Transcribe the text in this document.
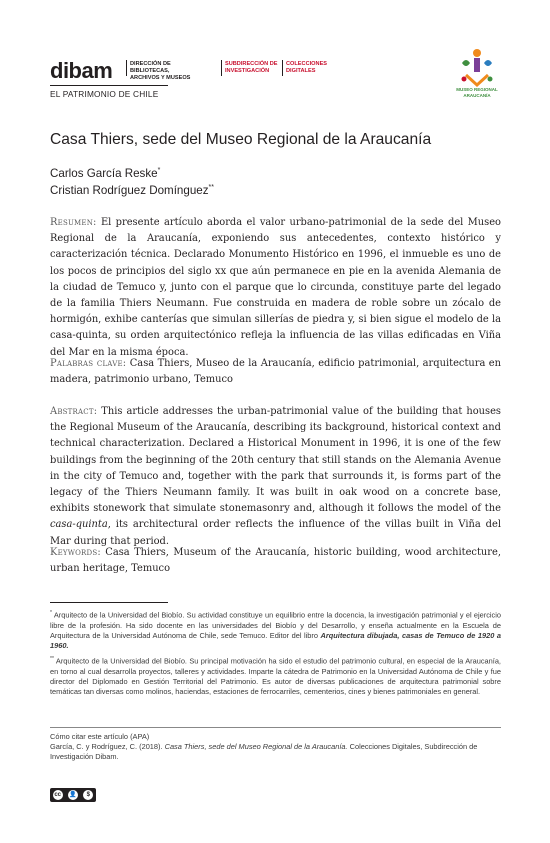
dibam	DIRECCIÓN DE BIBLIOTECAS, ARCHIVOS Y MUSEOS
SUBDIRECCIÓN DE INVESTIGACIÓN
COLECCIONES DIGITALES
EL PATRIMONIO DE CHILE	MUSEO REGIONAL ARAUCANÍA
Casa Thiers, sede del Museo Regional de la Araucanía
Carlos García Reske*
Cristian Rodríguez Domínguez**
Resumen: El presente artículo aborda el valor urbano-patrimonial de la sede del Museo Regional de la Araucanía, exponiendo sus antecedentes, contexto histórico y caracterización técnica. Declarado Monumento Histórico en 1996, el inmueble es uno de los pocos de principios del siglo xx que aún permanece en pie en la avenida Alemania de la ciudad de Temuco y, junto con el parque que lo circunda, constituye parte del legado de la familia Thiers Neumann. Fue construida en madera de roble sobre un zócalo de hormigón, exhibe canterías que simulan sillerías de piedra y, si bien sigue el modelo de la casa-quinta, su orden arquitectónico refleja la influencia de las villas edificadas en Viña del Mar en la misma época.
Palabras clave: Casa Thiers, Museo de la Araucanía, edificio patrimonial, arquitectura en madera, patrimonio urbano, Temuco
Abstract: This article addresses the urban-patrimonial value of the building that houses the Regional Museum of the Araucanía, describing its background, historical context and technical characterization. Declared a Historical Monument in 1996, it is one of the few buildings from the beginning of the 20th century that still stands on the Alemania Avenue in the city of Temuco and, together with the park that surrounds it, is forms part of the legacy of the Thiers Neumann family. It was built in oak wood on a concrete base, exhibits stonework that simulate stonemasonry and, although it follows the model of the casa-quinta, its architectural order reflects the influence of the villas built in Viña del Mar during that period.
Keywords: Casa Thiers, Museum of the Araucanía, historic building, wood architecture, urban heritage, Temuco
* Arquitecto de la Universidad del Biobío. Su actividad constituye un equilibrio entre la docencia, la investigación patrimonial y el ejercicio libre de la profesión. Ha sido docente en las universidades del Biobío y del Desarrollo, y enseña actualmente en la Escuela de Arquitectura de la Universidad Autónoma de Chile, sede Temuco. Editor del libro Arquitectura dibujada, casas de Temuco de 1920 a 1960.
** Arquitecto de la Universidad del Biobío. Su principal motivación ha sido el estudio del patrimonio cultural, en especial de la Araucanía, en torno al cual desarrolla proyectos, talleres y actividades. Imparte la cátedra de Patrimonio en la Universidad Autónoma de Chile y fue director del Diplomado en Gestión Territorial del Patrimonio. Es autor de diversas publicaciones de arquitectura patrimonial sobre temáticas tan diversas como molinos, haciendas, estaciones de ferrocarriles, cementerios, cines y bienes patrimoniales en general.
Cómo citar este artículo (APA)
García, C. y Rodríguez, C. (2018). Casa Thiers, sede del Museo Regional de la Araucanía. Colecciones Digitales, Subdirección de Investigación Dibam.
cc 👤	$
